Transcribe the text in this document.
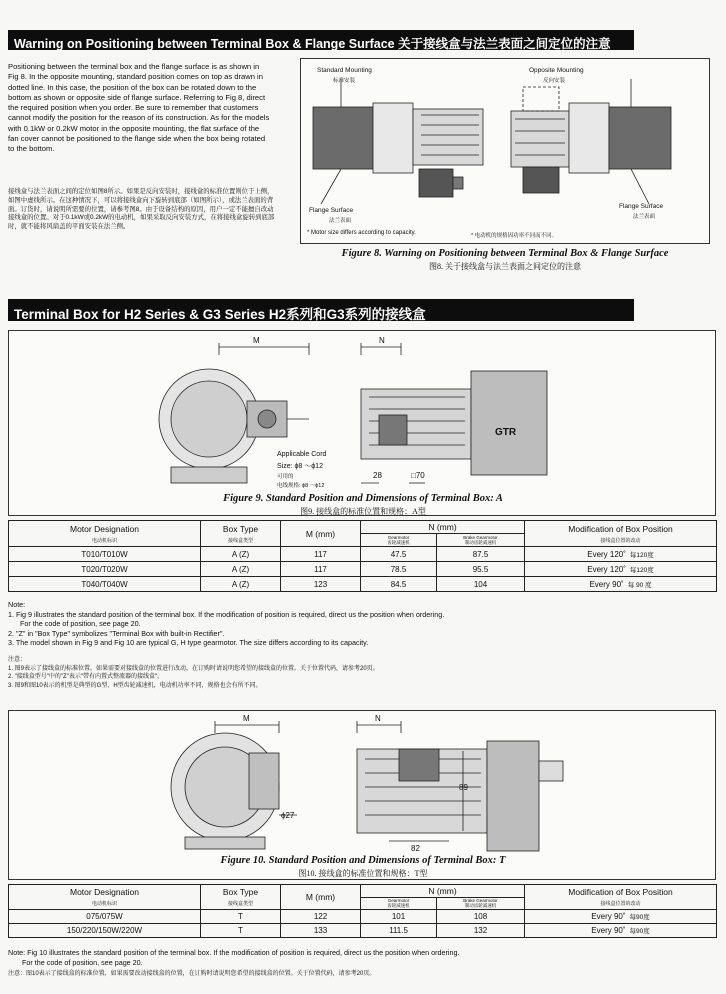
Warning on Positioning between Terminal Box & Flange Surface 关于接线盒与法兰表面之间定位的注意
Positioning between the terminal box and the flange surface is as shown in Fig 8. In the opposite mounting, standard position comes on top as drawn in dotted line. In this case, the position of the box can be rotated down to the bottom as shown or opposite side of flange surface. Referring to Fig 8, direct the required position when you order. Be sure to remember that customers cannot modify the position for the reason of its construction. As for the models with 0.1kW or 0.2kW motor in the opposite mounting, the flat surface of the fan cover cannot be positioned to the flange side when the box being rotated to the bottom.
接线盒与法兰表面之间的定位如图8所示。如果是反向安装时，接线盒的标准位置则位于上侧，如图中虚线所示。在这种情况下，可以将接线盒向下旋转到底部（如图所示），或法兰表面的背面。订货时，请说明所需要的位置，请参考图8。由于设备结构的原因，用户一定不能擅自改动接线盒的位置。对于0.1kW或0.2kW的电动机，如果采取反向安装方式，在将接线盒旋转到底部时，就不能将风扇盖的平面安装在法兰侧。
Standard Mounting
标准安装
Opposite Mounting
反向安装
Flange Surface
法兰表面
Flange Surface
法兰表面
* Motor size differs according to capacity.	* 电动机的规格因功率不同而不同。
Figure 8. Warning on Positioning between Terminal Box & Flange Surface
图8. 关于接线盒与法兰表面之间定位的注意
Terminal Box for H2 Series & G3 Series H2系列和G3系列的接线盒
M	N
28	□70
Applicable Cord
Size: ϕ8 ～ϕ12
可用的
电线规格: ϕ8 ～ϕ12
GTR
Figure 9. Standard Position and Dimensions of Terminal Box: A
图9. 接线盒的标准位置和规格：A型
Motor Designation
电动机标识	Box Type
接线盒类型	M (mm)	N (mm)		Modification of Box Position
接线盒位置的改动
			Gearmotor
齿轮减速机	Brake Gearmotor
制动齿轮减速机	
T010/T010W	A (Z)	117	47.5	87.5	Every 120˚ 每120度
T020/T020W	A (Z)	117	78.5	95.5	Every 120˚ 每120度
T040/T040W	A (Z)	123	84.5	104	Every 90˚ 每 90 度
Note:
1. Fig 9 illustrates the standard position of the terminal box. If the modification of position is required, direct us the position when ordering.
For the code of position, see page 20.
2. "Z" in "Box Type" symbolizes "Terminal Box with built-in Rectifier".
3. The model shown in Fig 9 and Fig 10 are typical G, H type gearmotor. The size differs according to its capacity.
注意：
1. 图9表示了接线盒的标准位置。如果需要对接线盒的位置进行改动，在订购时请说明您希望的接线盒的位置。关于位置代码，请参考20页。
2. "接线盒型号"中的"Z"表示"带有内置式整流器的接线盒"。
3. 图9和图10表示的机型是典型的G型、H型齿轮减速机，电动机功率不同，规格也会有所不同。
M	N
ϕ27
89
82
Figure 10. Standard Position and Dimensions of Terminal Box: T
图10. 接线盒的标准位置和规格：T型
Motor Designation
电动机标识	Box Type
接线盒类型	M (mm)	N (mm)		Modification of Box Position
接线盒位置的改动
			Gearmotor
齿轮减速机	Brake Gearmotor
制动齿轮减速机	
075/075W	T	122	101	108	Every 90˚ 每90度
150/220/150W/220W	T	133	111.5	132	Every 90˚ 每90度
Note: Fig 10 illustrates the standard position of the terminal box. If the modification of position is required, direct us the position when ordering.
For the code of position, see page 20.
注意：图10表示了接线盒的标准位置，如果需要改动接线盒的位置，在订购时请说明您希望的接线盒的位置。关于位置代码，请参考20页。
